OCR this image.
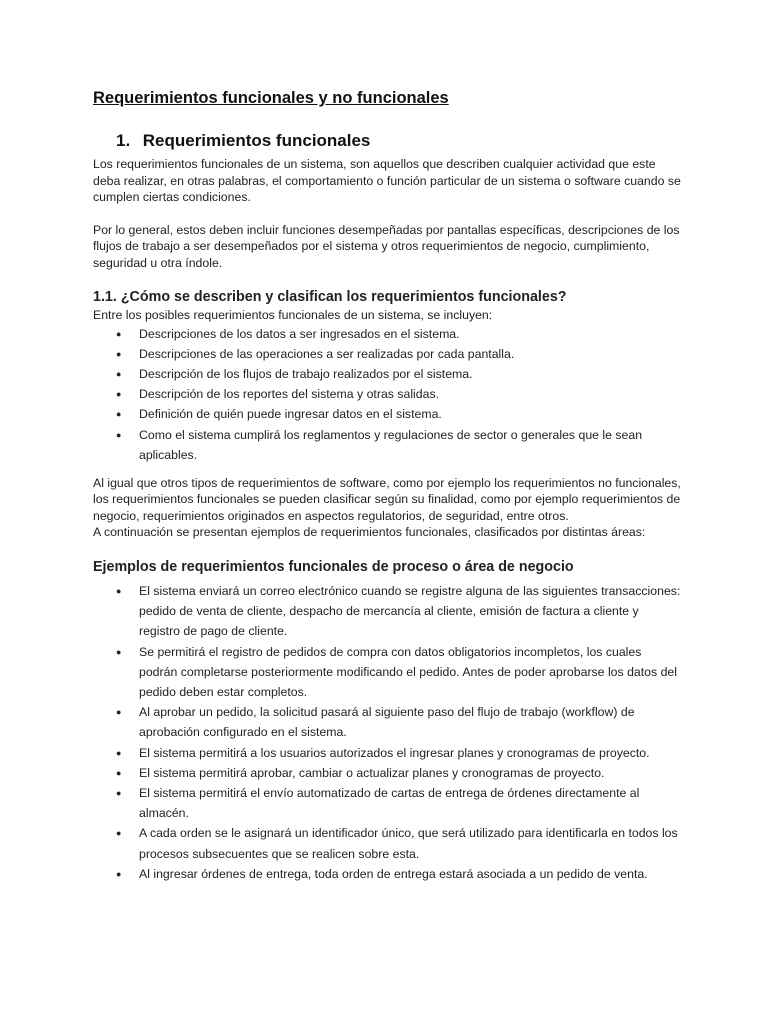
Requerimientos funcionales y no funcionales
1. Requerimientos funcionales

Los requerimientos funcionales de un sistema, son aquellos que describen cualquier actividad que este deba realizar, en otras palabras, el comportamiento o función particular de un sistema o software cuando se cumplen ciertas condiciones.

Por lo general, estos deben incluir funciones desempeñadas por pantallas específicas, descripciones de los flujos de trabajo a ser desempeñados por el sistema y otros requerimientos de negocio, cumplimiento, seguridad u otra índole.

1.1. ¿Cómo se describen y clasifican los requerimientos funcionales?

Entre los posibles requerimientos funcionales de un sistema, se incluyen:

● Descripciones de los datos a ser ingresados en el sistema.
● Descripciones de las operaciones a ser realizadas por cada pantalla.
● Descripción de los flujos de trabajo realizados por el sistema.
● Descripción de los reportes del sistema y otras salidas.
● Definición de quién puede ingresar datos en el sistema.
● Como el sistema cumplirá los reglamentos y regulaciones de sector o generales que le sean aplicables.

Al igual que otros tipos de requerimientos de software, como por ejemplo los requerimientos no funcionales, los requerimientos funcionales se pueden clasificar según su finalidad, como por ejemplo requerimientos de negocio, requerimientos originados en aspectos regulatorios, de seguridad, entre otros.

A continuación se presentan ejemplos de requerimientos funcionales, clasificados por distintas áreas:

Ejemplos de requerimientos funcionales de proceso o área de negocio
● El sistema enviará un correo electrónico cuando se registre alguna de las siguientes transacciones: pedido de venta de cliente, despacho de mercancía al cliente, emisión de factura a cliente y registro de pago de cliente.
● Se permitirá el registro de pedidos de compra con datos obligatorios incompletos, los cuales podrán completarse posteriormente modificando el pedido. Antes de poder aprobarse los datos del pedido deben estar completos.
● Al aprobar un pedido, la solicitud pasará al siguiente paso del flujo de trabajo (workflow) de aprobación configurado en el sistema.
● El sistema permitirá a los usuarios autorizados el ingresar planes y cronogramas de proyecto.
● El sistema permitirá aprobar, cambiar o actualizar planes y cronogramas de proyecto.
● El sistema permitirá el envío automatizado de cartas de entrega de órdenes directamente al almacén.
● A cada orden se le asignará un identificador único, que será utilizado para identificarla en todos los procesos subsecuentes que se realicen sobre esta.
● Al ingresar órdenes de entrega, toda orden de entrega estará asociada a un pedido de venta.
